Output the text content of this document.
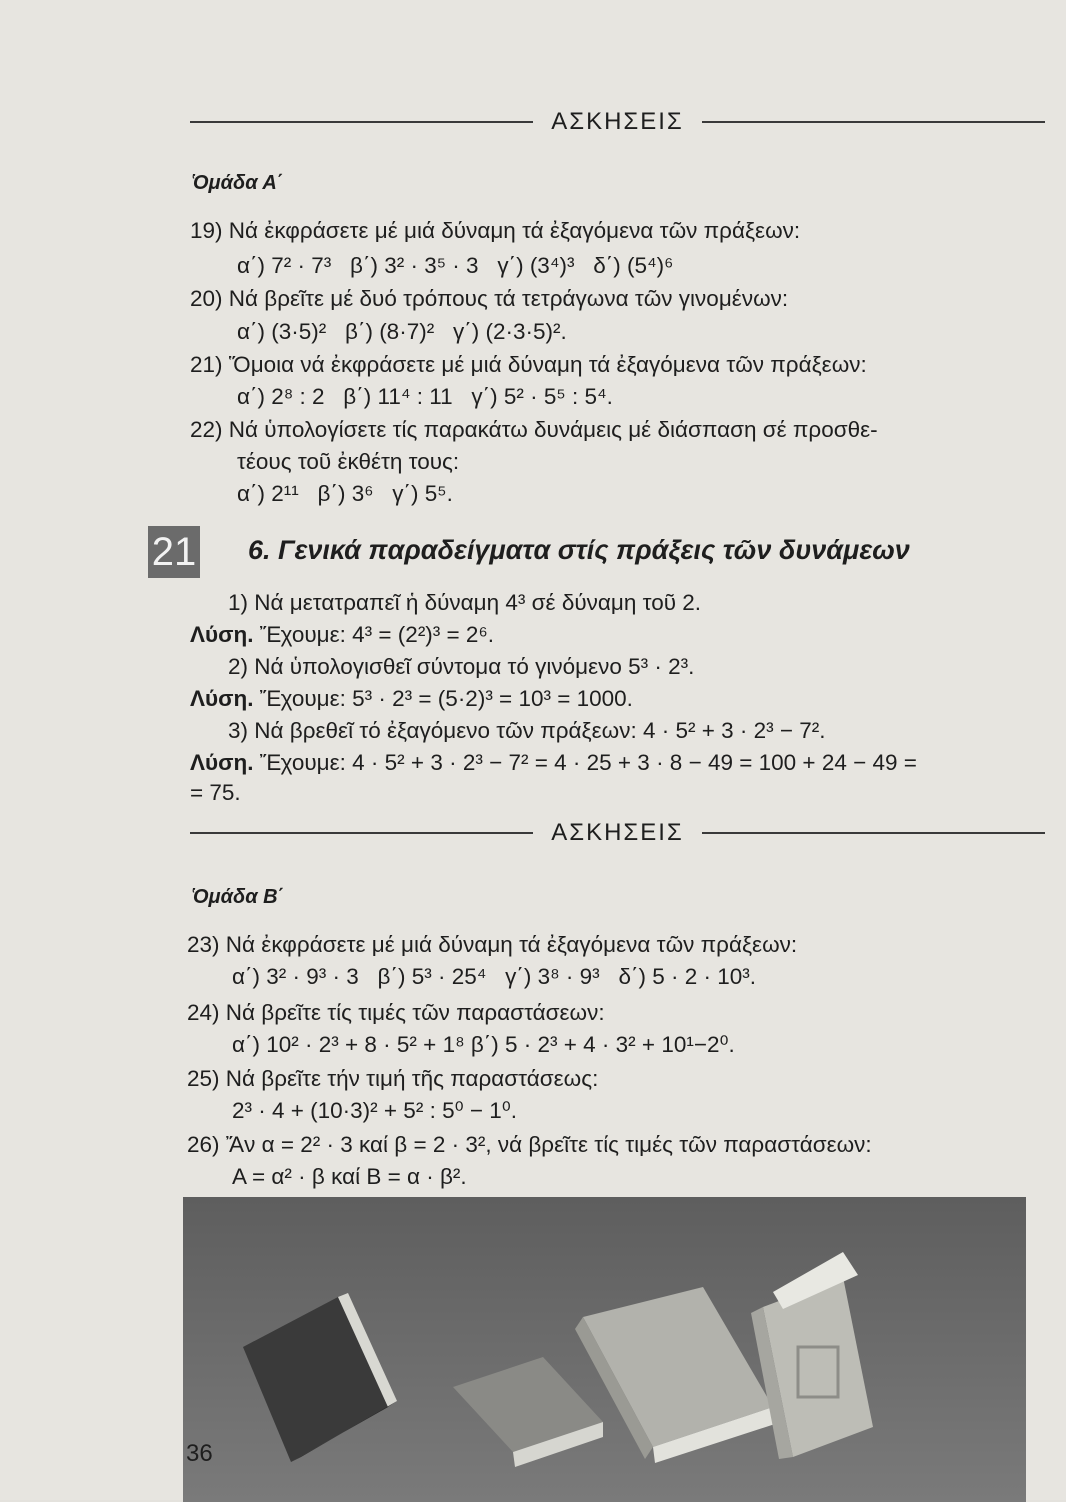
ΑΣΚΗΣΕΙΣ
Ὁμάδα Α΄
19) Νά ἐκφράσετε μέ μιά δύναμη τά ἐξαγόμενα τῶν πράξεων:
α΄) 7² · 7³ β΄) 3² · 3⁵ · 3 γ΄) (3⁴)³ δ΄) (5⁴)⁶
20) Νά βρεῖτε μέ δυό τρόπους τά τετράγωνα τῶν γινομένων:
α΄) (3·5)² β΄) (8·7)² γ΄) (2·3·5)².
21) Ὅμοια νά ἐκφράσετε μέ μιά δύναμη τά ἐξαγόμενα τῶν πράξεων:
α΄) 2⁸ : 2 β΄) 11⁴ : 11 γ΄) 5² · 5⁵ : 5⁴.
22) Νά ὑπολογίσετε τίς παρακάτω δυνάμεις μέ διάσπαση σέ προσθε-
τέους τοῦ ἐκθέτη τους:
α΄) 2¹¹ β΄) 3⁶ γ΄) 5⁵.
21 6. Γενικά παραδείγματα στίς πράξεις τῶν δυνάμεων
1) Νά μετατραπεῖ ἡ δύναμη 4³ σέ δύναμη τοῦ 2.
Λύση. Ἔχουμε: 4³ = (2²)³ = 2⁶.
2) Νά ὑπολογισθεῖ σύντομα τό γινόμενο 5³ · 2³.
Λύση. Ἔχουμε: 5³ · 2³ = (5·2)³ = 10³ = 1000.
3) Νά βρεθεῖ τό ἐξαγόμενο τῶν πράξεων: 4 · 5² + 3 · 2³ − 7².
Λύση. Ἔχουμε: 4 · 5² + 3 · 2³ − 7² = 4 · 25 + 3 · 8 − 49 = 100 + 24 − 49 =
= 75.
ΑΣΚΗΣΕΙΣ
Ὁμάδα Β΄
23) Νά ἐκφράσετε μέ μιά δύναμη τά ἐξαγόμενα τῶν πράξεων:
α΄) 3² · 9³ · 3 β΄) 5³ · 25⁴ γ΄) 3⁸ · 9³ δ΄) 5 · 2 · 10³.
24) Νά βρεῖτε τίς τιμές τῶν παραστάσεων:
α΄) 10² · 2³ + 8 · 5² + 1⁸ β΄) 5 · 2³ + 4 · 3² + 10¹−2⁰.
25) Νά βρεῖτε τήν τιμή τῆς παραστάσεως:
2³ · 4 + (10·3)² + 5² : 5⁰ − 1⁰.
26) Ἄν α = 2² · 3 καί β = 2 · 3², νά βρεῖτε τίς τιμές τῶν παραστάσεων:
Α = α² · β καί Β = α · β².
36
